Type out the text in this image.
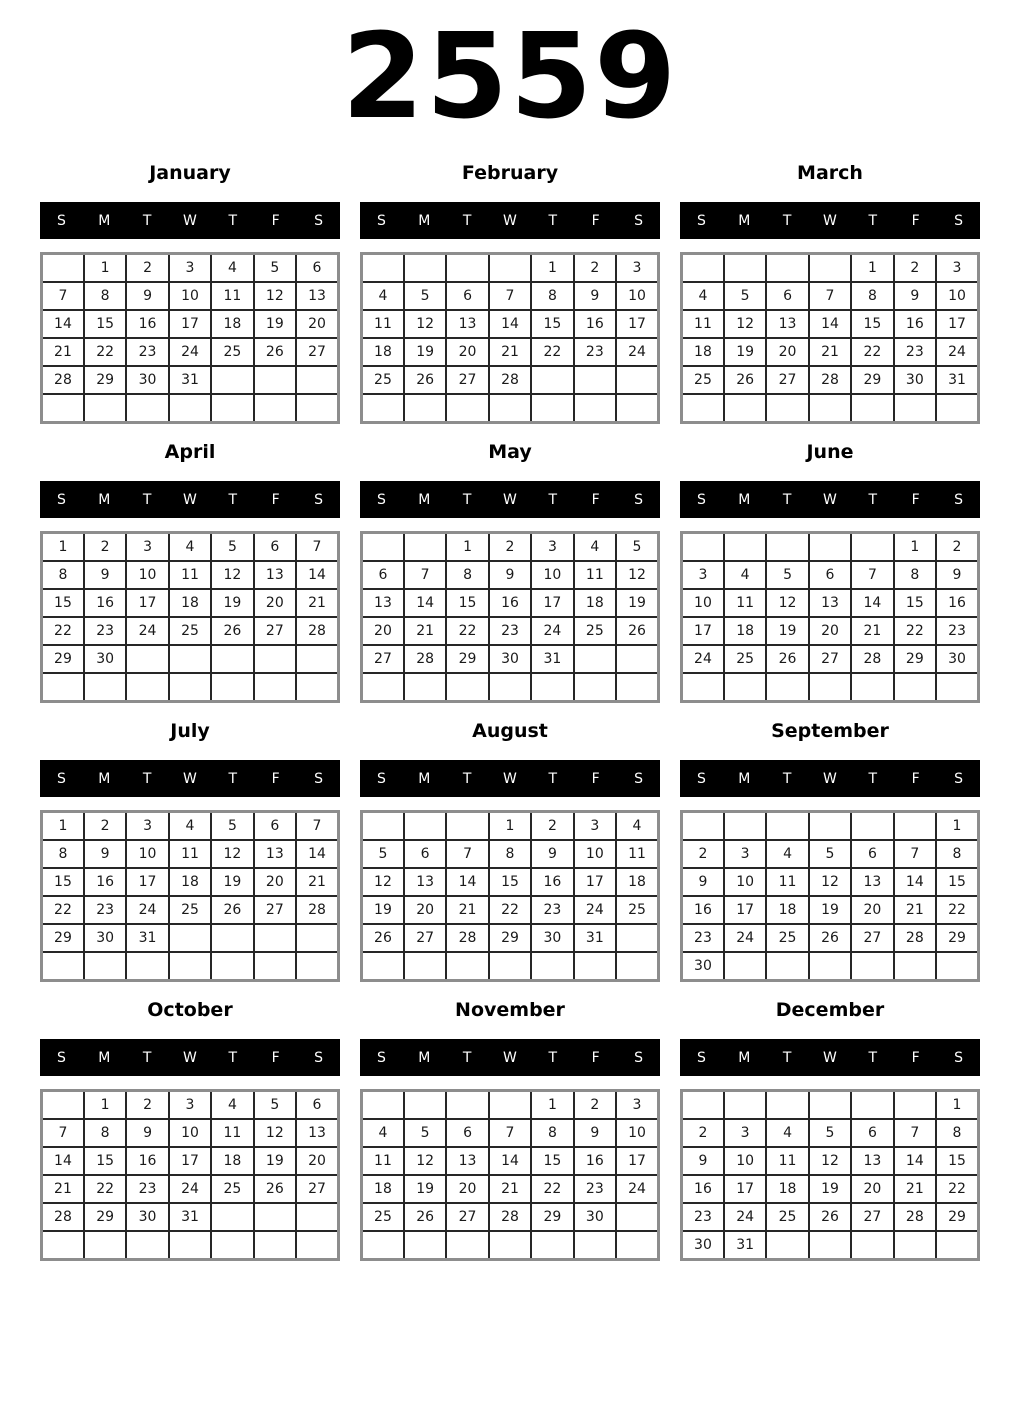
2559
January
S	M	T	W	T	F	S
	1	2	3	4	5	6
7	8	9	10	11	12	13
14	15	16	17	18	19	20
21	22	23	24	25	26	27
28	29	30	31			

February
S	M	T	W	T	F	S
				1	2	3
4	5	6	7	8	9	10
11	12	13	14	15	16	17
18	19	20	21	22	23	24
25	26	27	28			

March
S	M	T	W	T	F	S
				1	2	3
4	5	6	7	8	9	10
11	12	13	14	15	16	17
18	19	20	21	22	23	24
25	26	27	28	29	30	31

April
S	M	T	W	T	F	S
1	2	3	4	5	6	7
8	9	10	11	12	13	14
15	16	17	18	19	20	21
22	23	24	25	26	27	28
29	30					

May
S	M	T	W	T	F	S
		1	2	3	4	5
6	7	8	9	10	11	12
13	14	15	16	17	18	19
20	21	22	23	24	25	26
27	28	29	30	31		

June
S	M	T	W	T	F	S
					1	2
3	4	5	6	7	8	9
10	11	12	13	14	15	16
17	18	19	20	21	22	23
24	25	26	27	28	29	30

July
S	M	T	W	T	F	S
1	2	3	4	5	6	7
8	9	10	11	12	13	14
15	16	17	18	19	20	21
22	23	24	25	26	27	28
29	30	31				

August
S	M	T	W	T	F	S
			1	2	3	4
5	6	7	8	9	10	11
12	13	14	15	16	17	18
19	20	21	22	23	24	25
26	27	28	29	30	31	

September
S	M	T	W	T	F	S
						1
2	3	4	5	6	7	8
9	10	11	12	13	14	15
16	17	18	19	20	21	22
23	24	25	26	27	28	29
30						
October
S	M	T	W	T	F	S
	1	2	3	4	5	6
7	8	9	10	11	12	13
14	15	16	17	18	19	20
21	22	23	24	25	26	27
28	29	30	31			

November
S	M	T	W	T	F	S
				1	2	3
4	5	6	7	8	9	10
11	12	13	14	15	16	17
18	19	20	21	22	23	24
25	26	27	28	29	30	

December
S	M	T	W	T	F	S
						1
2	3	4	5	6	7	8
9	10	11	12	13	14	15
16	17	18	19	20	21	22
23	24	25	26	27	28	29
30	31					
